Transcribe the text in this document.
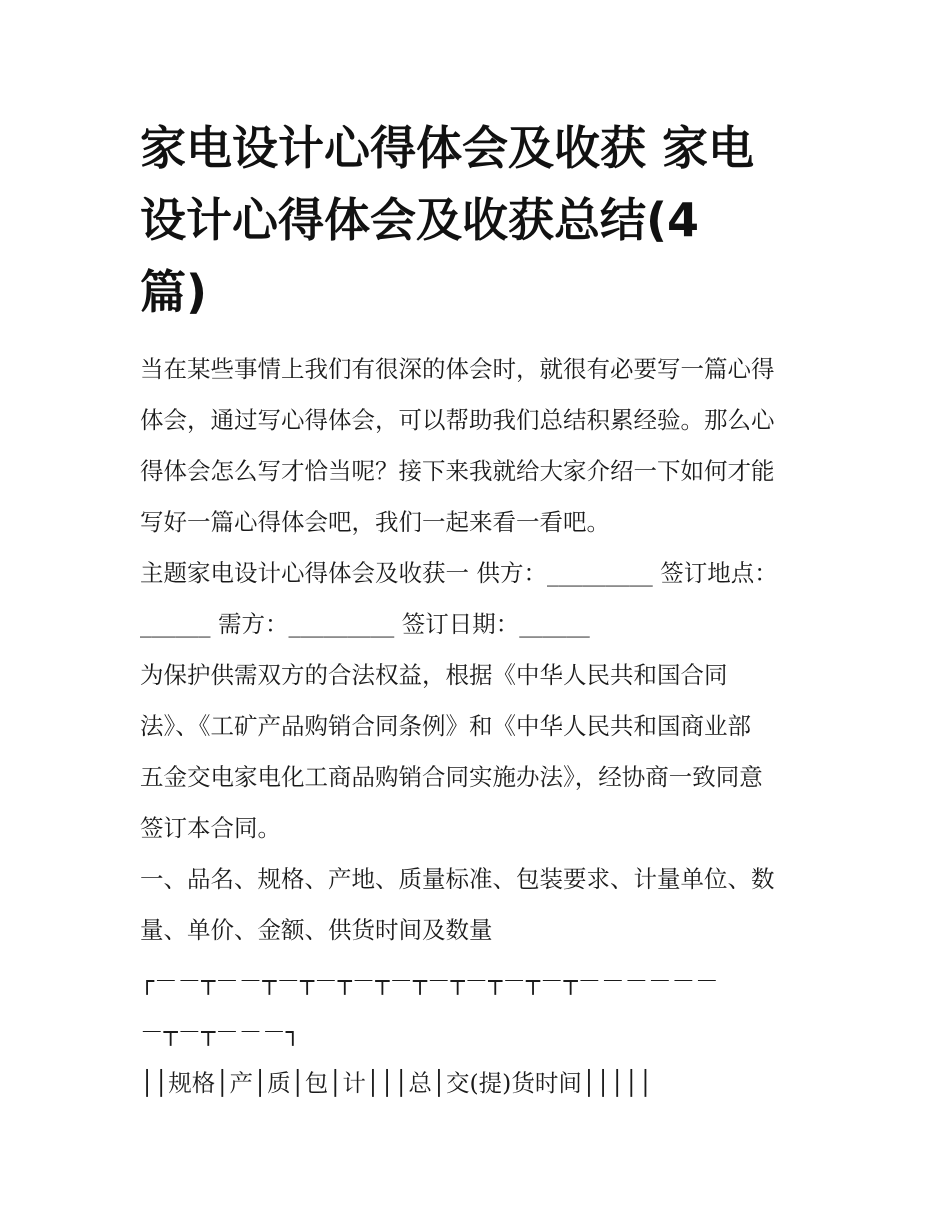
家电设计心得体会及收获 家电
设计心得体会及收获总结(4
篇)
当在某些事情上我们有很深的体会时，就很有必要写一篇心得
体会，通过写心得体会，可以帮助我们总结积累经验。那么心
得体会怎么写才恰当呢？接下来我就给大家介绍一下如何才能
写好一篇心得体会吧，我们一起来看一看吧。
主题家电设计心得体会及收获一 供方：_________ 签订地点：
______ 需方：_________ 签订日期：______
为保护供需双方的合法权益，根据《中华人民共和国合同
法》、《工矿产品购销合同条例》和《中华人民共和国商业部
五金交电家电化工商品购销合同实施办法》，经协商一致同意
签订本合同。
一、品名、规格、产地、质量标准、包装要求、计量单位、数
量、单价、金额、供货时间及数量
┌－－┬－－┬－┬－┬－┬－┬－┬－┬－┬－┬－－－－－－
－┬－┬－－－┐
││规格│产│质│包│计│││总│交(提)货时间│││││
